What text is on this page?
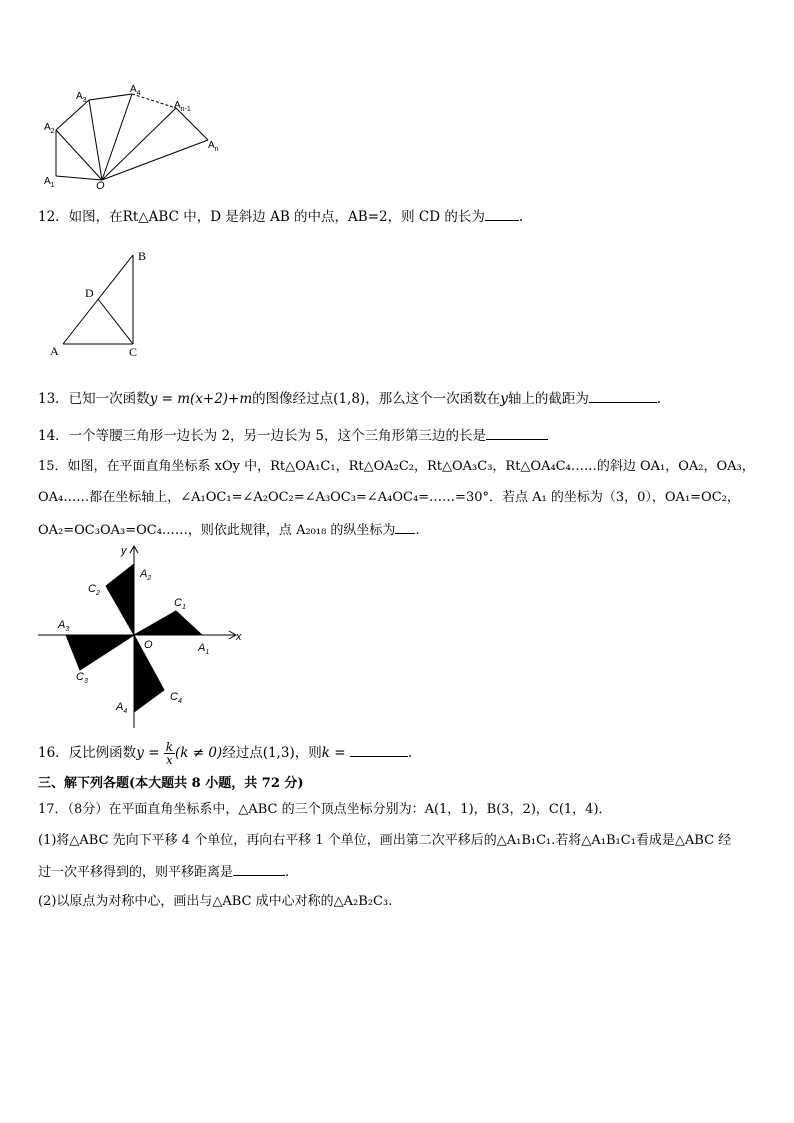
$A_1$
$A_2$
$A_3$
$A_4$
$A_{n-1}$
$A_n$
O
12．如图，在Rt△ABC 中，D 是斜边 AB 的中点，AB=2，则 CD 的长为	.
A
B
C
D
13．已知一次函数y = m(x+2)+m的图像经过点(1,8)，那么这个一次函数在y轴上的截距为	.
14．一个等腰三角形一边长为 2，另一边长为 5，这个三角形第三边的长是
15．如图，在平面直角坐标系 xOy 中，Rt△OA₁C₁，Rt△OA₂C₂，Rt△OA₃C₃，Rt△OA₄C₄……的斜边 OA₁，OA₂，OA₃，
OA₄……都在坐标轴上，∠A₁OC₁=∠A₂OC₂=∠A₃OC₃=∠A₄OC₄=……=30°．若点 A₁ 的坐标为（3，0），OA₁=OC₂，
OA₂=OC₃OA₃=OC₄……，则依此规律，点 A₂₀₁₈ 的纵坐标为 .
y
x
O	$A_1$
$A_2$
$A_3$
$A_4$
$C_1$
$C_2$
$C_3$
$C_4$
16．反比例函数$y = \frac{k}{x} (k \ne 0)$经过点(1,3)，则k =	.
三、解下列各题(本大题共 8 小题，共 72 分)
17．（8分）在平面直角坐标系中，△ABC 的三个顶点坐标分别为：A(1，1)，B(3，2)，C(1，4)．
(1)将△ABC 先向下平移 4 个单位，再向右平移 1 个单位，画出第二次平移后的△A₁B₁C₁.若将△A₁B₁C₁看成是△ABC 经
过一次平移得到的，则平移距离是	.
(2)以原点为对称中心，画出与△ABC 成中心对称的△A₂B₂C₃.
